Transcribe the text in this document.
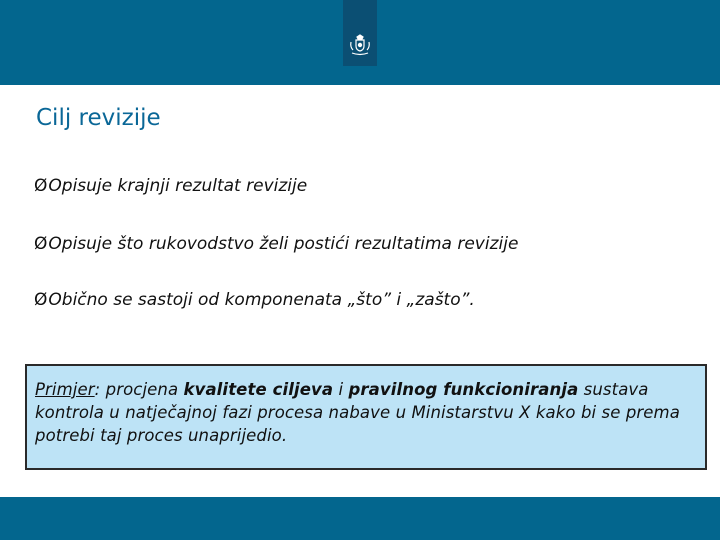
Cilj revizije
ØOpisuje krajnji rezultat revizije
ØOpisuje što rukovodstvo želi postići rezultatima revizije
ØObično se sastoji od komponenata „što” i „zašto”.
Primjer: procjena kvalitete ciljeva i pravilnog funkcioniranja sustava kontrola u natječajnoj fazi procesa nabave u Ministarstvu X kako bi se prema potrebi taj proces unaprijedio.
